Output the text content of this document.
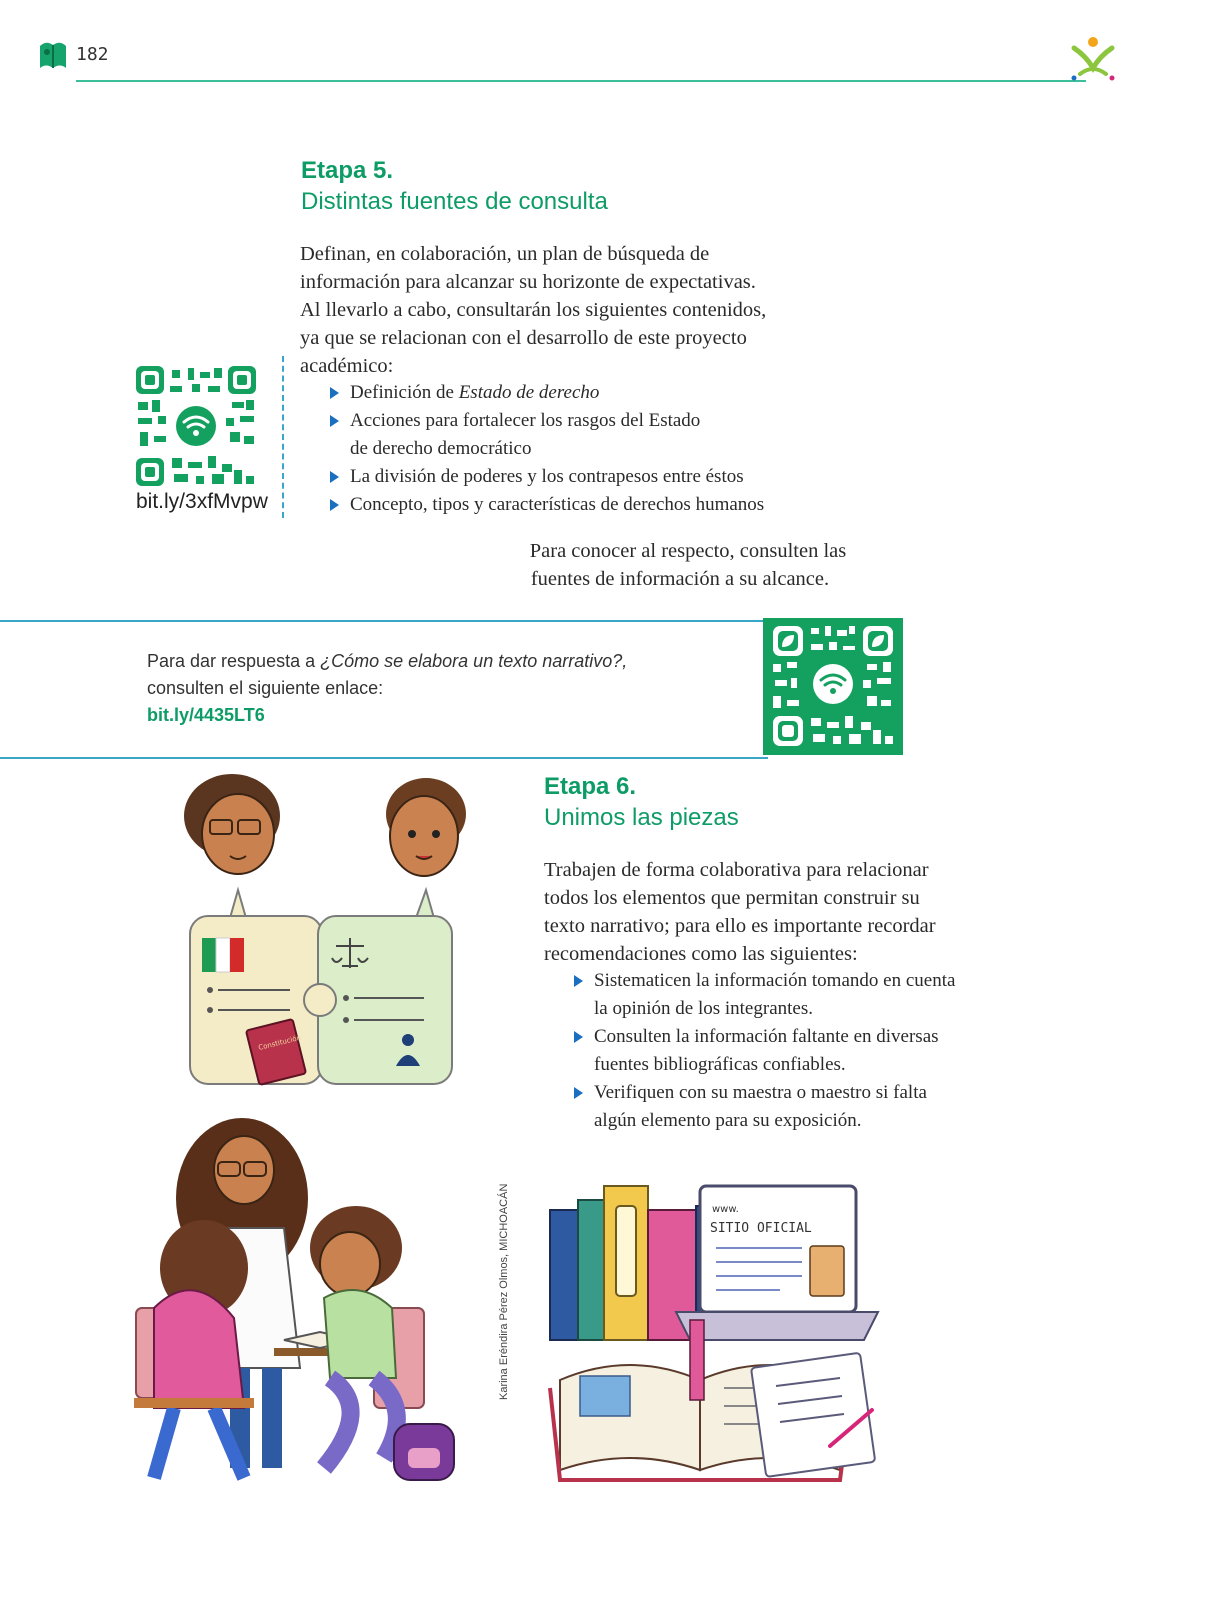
182
Etapa 5.
Distintas fuentes de consulta
Definan, en colaboración, un plan de búsqueda de
información para alcanzar su horizonte de expectativas.
Al llevarlo a cabo, consultarán los siguientes contenidos,
ya que se relacionan con el desarrollo de este proyecto
académico:
Definición de Estado de derecho
Acciones para fortalecer los rasgos del Estado
de derecho democrático
La división de poderes y los contrapesos entre éstos
Concepto, tipos y características de derechos humanos
bit.ly/3xfMvpw
Para conocer al respecto, consulten las
fuentes de información a su alcance.
Para dar respuesta a ¿Cómo se elabora un texto narrativo?,
consulten el siguiente enlace:
bit.ly/4435LT6
Etapa 6.
Unimos las piezas
Trabajen de forma colaborativa para relacionar
todos los elementos que permitan construir su
texto narrativo; para ello es importante recordar
recomendaciones como las siguientes:
Sistematicen la información tomando en cuenta
la opinión de los integrantes.
Consulten la información faltante en diversas
fuentes bibliográficas confiables.
Verifiquen con su maestra o maestro si falta
algún elemento para su exposición.
Constitución
Karina Eréndira Pérez Olmos, MICHOACÁN	www.
SITIO OFICIAL
